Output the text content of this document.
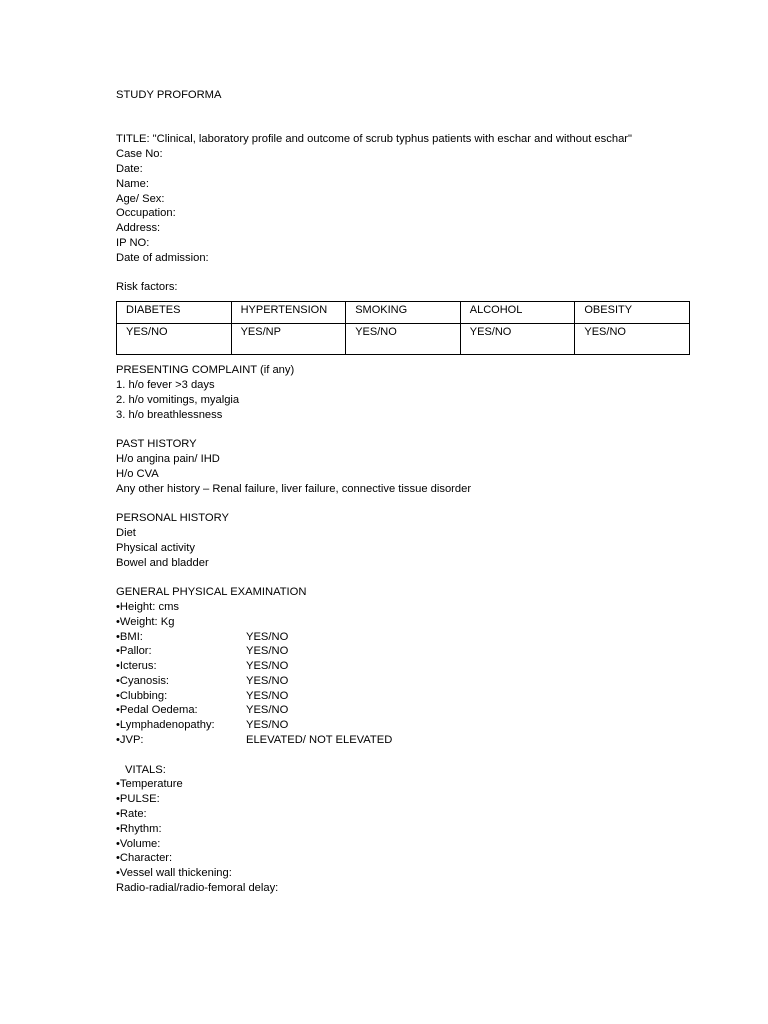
STUDY PROFORMA
TITLE: "Clinical, laboratory profile and outcome of scrub typhus patients with eschar and without eschar"
Case No:
Date:
Name:
Age/ Sex:
Occupation:
Address:
IP NO:
Date of admission:
Risk factors:
DIABETES	HYPERTENSION	SMOKING	ALCOHOL	OBESITY
YES/NO	YES/NP	YES/NO	YES/NO	YES/NO
PRESENTING COMPLAINT (if any)
1. h/o fever >3 days
2. h/o vomitings, myalgia
3. h/o breathlessness
PAST HISTORY
H/o angina pain/ IHD
H/o CVA
Any other history – Renal failure, liver failure, connective tissue disorder
PERSONAL HISTORY
Diet
Physical activity
Bowel and bladder
GENERAL PHYSICAL EXAMINATION
•Height: cms
•Weight: Kg
•BMI:	YES/NO
•Pallor:	YES/NO
•Icterus:	YES/NO
•Cyanosis:	YES/NO
•Clubbing:	YES/NO
•Pedal Oedema:	YES/NO
•Lymphadenopathy:	YES/NO
•JVP:	ELEVATED/ NOT ELEVATED
VITALS:
•Temperature
•PULSE:
•Rate:
•Rhythm:
•Volume:
•Character:
•Vessel wall thickening:
Radio-radial/radio-femoral delay:
